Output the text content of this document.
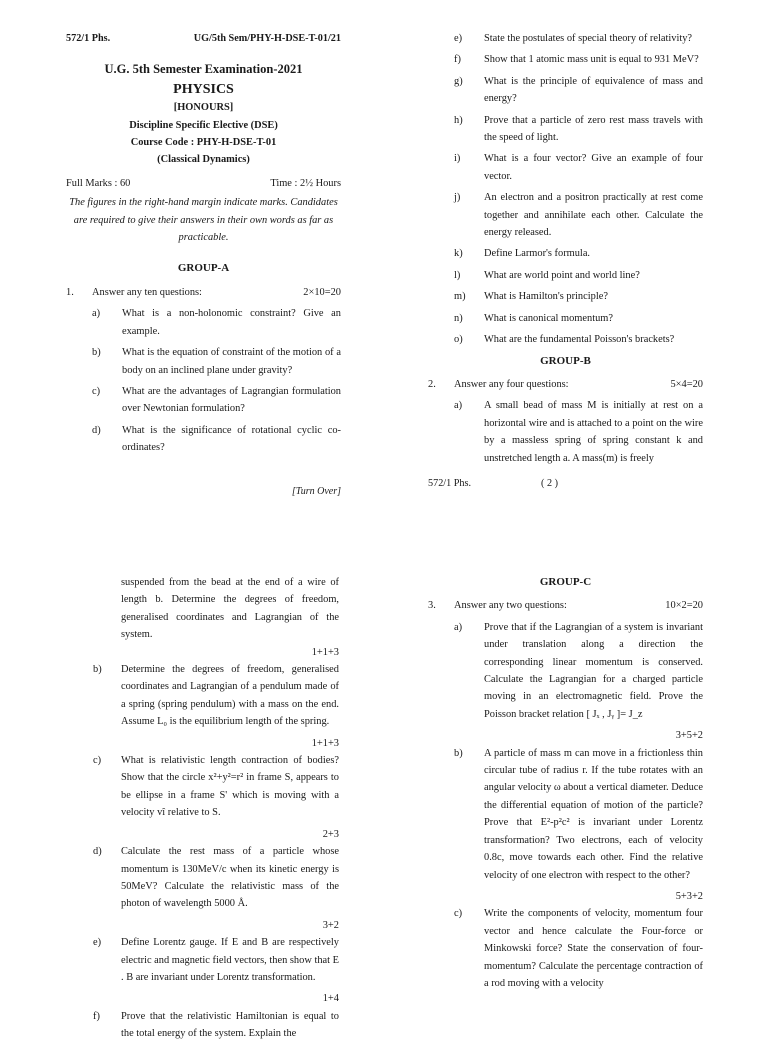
572/1 Phs.	UG/5th Sem/PHY-H-DSE-T-01/21
U.G. 5th Semester Examination-2021
PHYSICS
[HONOURS]
Discipline Specific Elective (DSE)
Course Code : PHY-H-DSE-T-01
(Classical Dynamics)
Full Marks : 60	Time : 2½ Hours
The figures in the right-hand margin indicate marks. Candidates are required to give their answers in their own words as far as practicable.
GROUP-A
1.	Answer any ten questions:	2×10=20
a)	What is a non-holonomic constraint? Give an example.
b)	What is the equation of constraint of the motion of a body on an inclined plane under gravity?
c)	What are the advantages of Lagrangian formulation over Newtonian formulation?
d)	What is the significance of rotational cyclic co-ordinates?
[Turn Over]
e)	State the postulates of special theory of relativity?
f)	Show that 1 atomic mass unit is equal to 931 MeV?
g)	What is the principle of equivalence of mass and energy?
h)	Prove that a particle of zero rest mass travels with the speed of light.
i)	What is a four vector? Give an example of four vector.
j)	An electron and a positron practically at rest come together and annihilate each other. Calculate the energy released.
k)	Define Larmor's formula.
l)	What are world point and world line?
m)	What is Hamilton's principle?
n)	What is canonical momentum?
o)	What are the fundamental Poisson's brackets?
GROUP-B
2.	Answer any four questions:	5×4=20
a)	A small bead of mass M is initially at rest on a horizontal wire and is attached to a point on the wire by a massless spring of spring constant k and unstretched length a. A mass(m) is freely
572/1 Phs.	( 2 )
suspended from the bead at the end of a wire of length b. Determine the degrees of freedom, generalised coordinates and Lagrangian of the system.
1+1+3
b)	Determine the degrees of freedom, generalised coordinates and Lagrangian of a pendulum made of a spring (spring pendulum) with a mass on the end. Assume L₀ is the equilibrium length of the spring.
1+1+3
c)	What is relativistic length contraction of bodies? Show that the circle x²+y²=r² in frame S, appears to be ellipse in a frame S' which is moving with a velocity vî relative to S.
2+3
d)	Calculate the rest mass of a particle whose momentum is 130MeV/c when its kinetic energy is 50MeV? Calculate the relativistic mass of the photon of wavelength 5000 Å.
3+2
e)	Define Lorentz gauge. If E and B are respectively electric and magnetic field vectors, then show that E . B are invariant under Lorentz transformation.
1+4
f)	Prove that the relativistic Hamiltonian is equal to the total energy of the system. Explain the
GROUP-C
3.	Answer any two questions:	10×2=20
a)	Prove that if the Lagrangian of a system is invariant under translation along a direction the corresponding linear momentum is conserved. Calculate the Lagrangian for a charged particle moving in an electromagnetic field. Prove the Poisson bracket relation [ Jₓ , Jᵧ ]= J_z
3+5+2
b)	A particle of mass m can move in a frictionless thin circular tube of radius r. If the tube rotates with an angular velocity ω about a vertical diameter. Deduce the differential equation of motion of the particle? Prove that E²-p²c² is invariant under Lorentz transformation? Two electrons, each of velocity 0.8c, move towards each other. Find the relative velocity of one electron with respect to the other?
5+3+2
c)	Write the components of velocity, momentum four vector and hence calculate the Four-force or Minkowski force? State the conservation of four-momentum? Calculate the percentage contraction of a rod moving with a velocity
